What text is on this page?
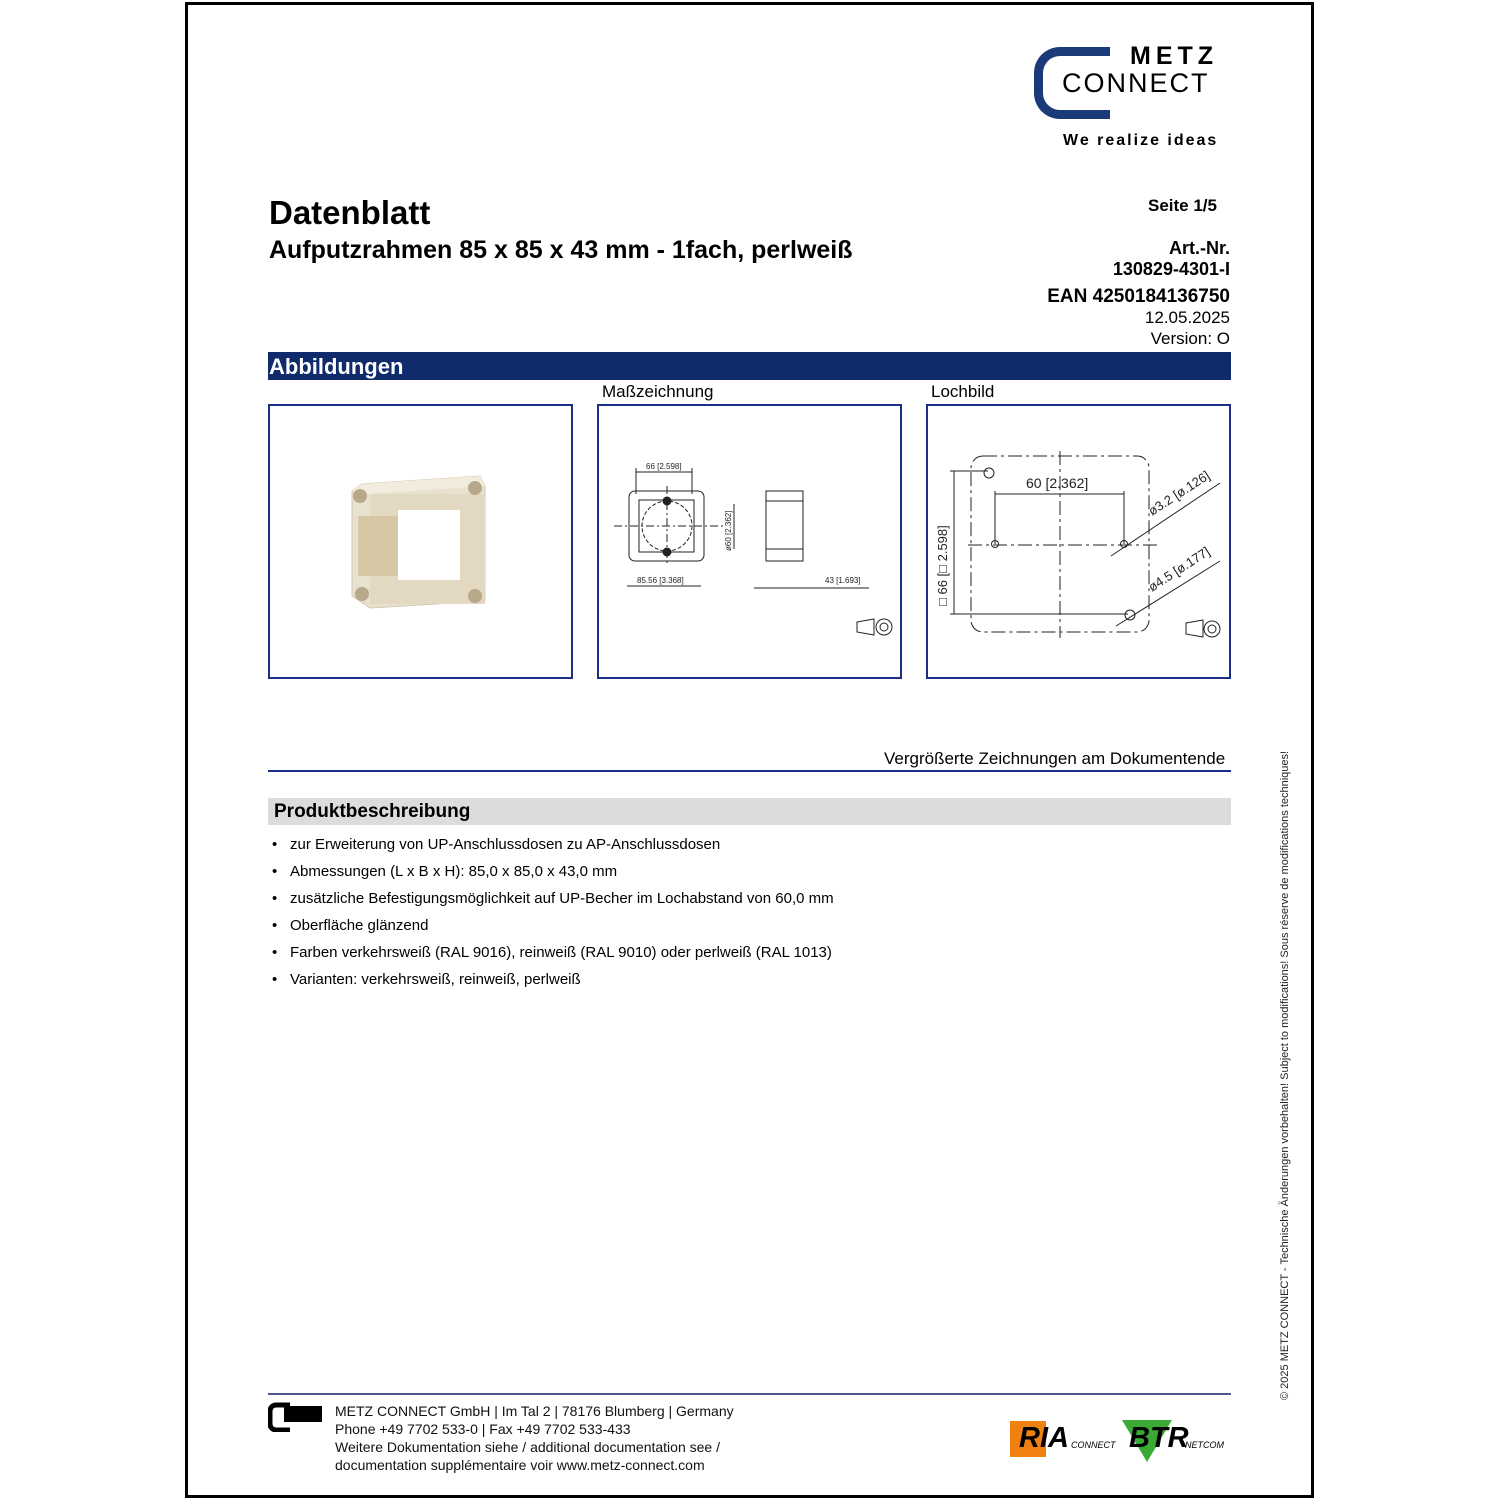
METZ
CONNECT
We realize ideas
Datenblatt
Aufputzrahmen 85 x 85 x 43 mm - 1fach, perlweiß
Seite 1/5
Art.-Nr.
130829-4301-I
EAN 4250184136750
12.05.2025
Version: O
Abbildungen
Maßzeichnung	Lochbild
66 [2.598]
85.56 [3.368]	43 [1.693]
ø60 [2.362]
60 [2.362]
□ 66 [□ 2.598]
ø3.2 [ø.126]
ø4.5 [ø.177]
Vergrößerte Zeichnungen am Dokumentende
Produktbeschreibung
• zur Erweiterung von UP-Anschlussdosen zu AP-Anschlussdosen
• Abmessungen (L x B x H): 85,0 x 85,0 x 43,0 mm
• zusätzliche Befestigungsmöglichkeit auf UP-Becher im Lochabstand von 60,0 mm
• Oberfläche glänzend
• Farben verkehrsweiß (RAL 9016), reinweiß (RAL 9010) oder perlweiß (RAL 1013)
• Varianten: verkehrsweiß, reinweiß, perlweiß	© 2025 METZ CONNECT - Technische Änderungen vorbehalten! Subject to modifications! Sous réserve de modifications techniques!
METZ CONNECT GmbH | Im Tal 2 | 78176 Blumberg | Germany
Phone +49 7702 533-0 | Fax +49 7702 533-433
Weitere Dokumentation siehe / additional documentation see /
documentation supplémentaire voir www.metz-connect.com
RIA CONNECT BTR
NETCOM
